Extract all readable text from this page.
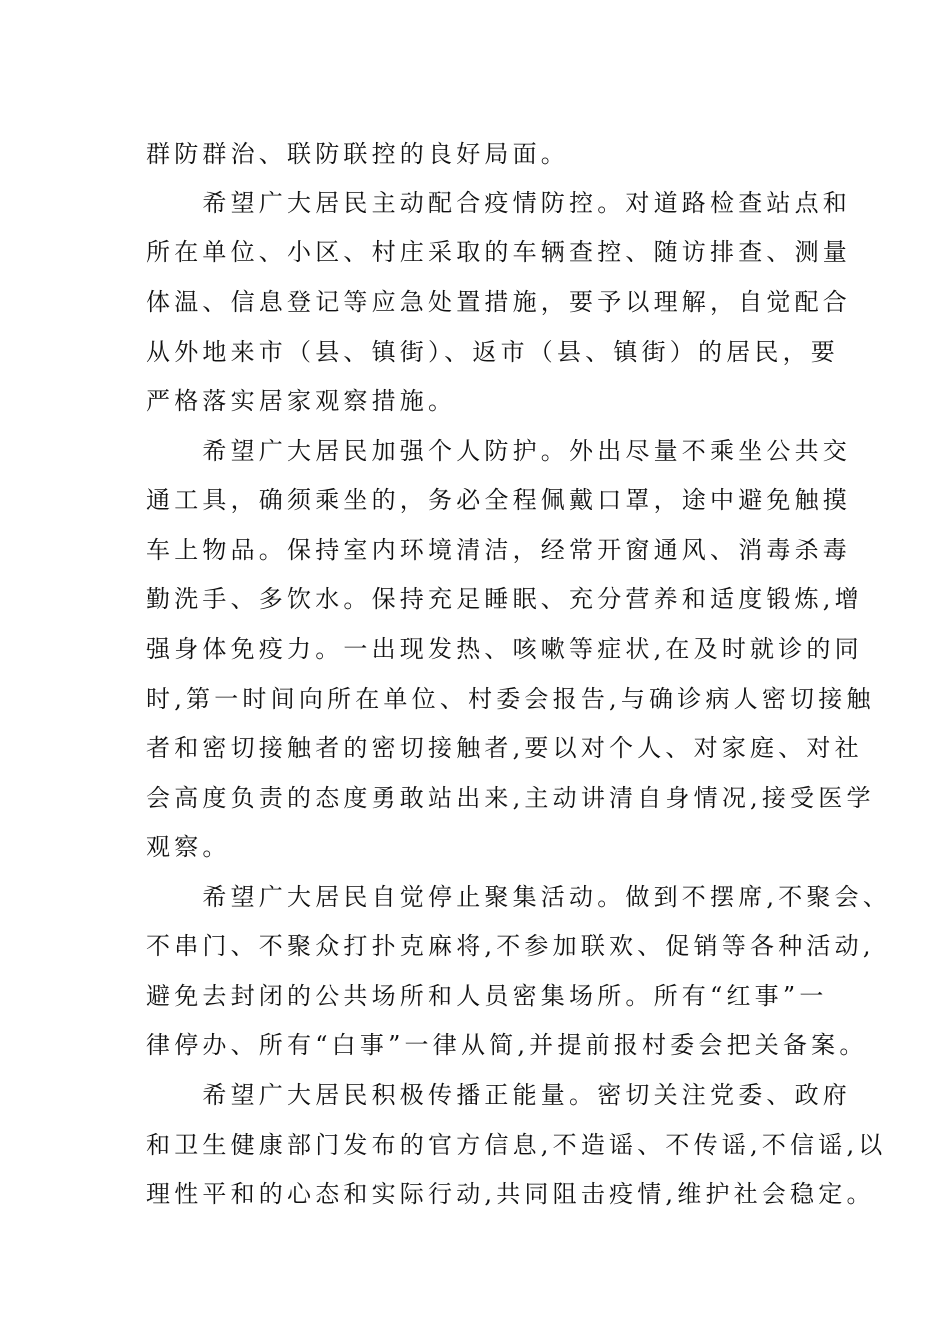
群防群治、联防联控的良好局面。
　　希望广大居民主动配合疫情防控。对道路检查站点和
所在单位、小区、村庄采取的车辆查控、随访排查、测量
体温、信息登记等应急处置措施，要予以理解，自觉配合
从外地来市（县、镇街）、返市（县、镇街）的居民，要
严格落实居家观察措施。
　　希望广大居民加强个人防护。外出尽量不乘坐公共交
通工具，确须乘坐的，务必全程佩戴口罩，途中避免触摸
车上物品。保持室内环境清洁，经常开窗通风、消毒杀毒
勤洗手、多饮水。保持充足睡眠、充分营养和适度锻炼,增
强身体免疫力。一出现发热、咳嗽等症状,在及时就诊的同
时,第一时间向所在单位、村委会报告,与确诊病人密切接触
者和密切接触者的密切接触者,要以对个人、对家庭、对社
会高度负责的态度勇敢站出来,主动讲清自身情况,接受医学
观察。
　　希望广大居民自觉停止聚集活动。做到不摆席,不聚会、
不串门、不聚众打扑克麻将,不参加联欢、促销等各种活动,
避免去封闭的公共场所和人员密集场所。所有“红事”一
律停办、所有“白事”一律从简,并提前报村委会把关备案。
　　希望广大居民积极传播正能量。密切关注党委、政府
和卫生健康部门发布的官方信息,不造谣、不传谣,不信谣,以
理性平和的心态和实际行动,共同阻击疫情,维护社会稳定。
